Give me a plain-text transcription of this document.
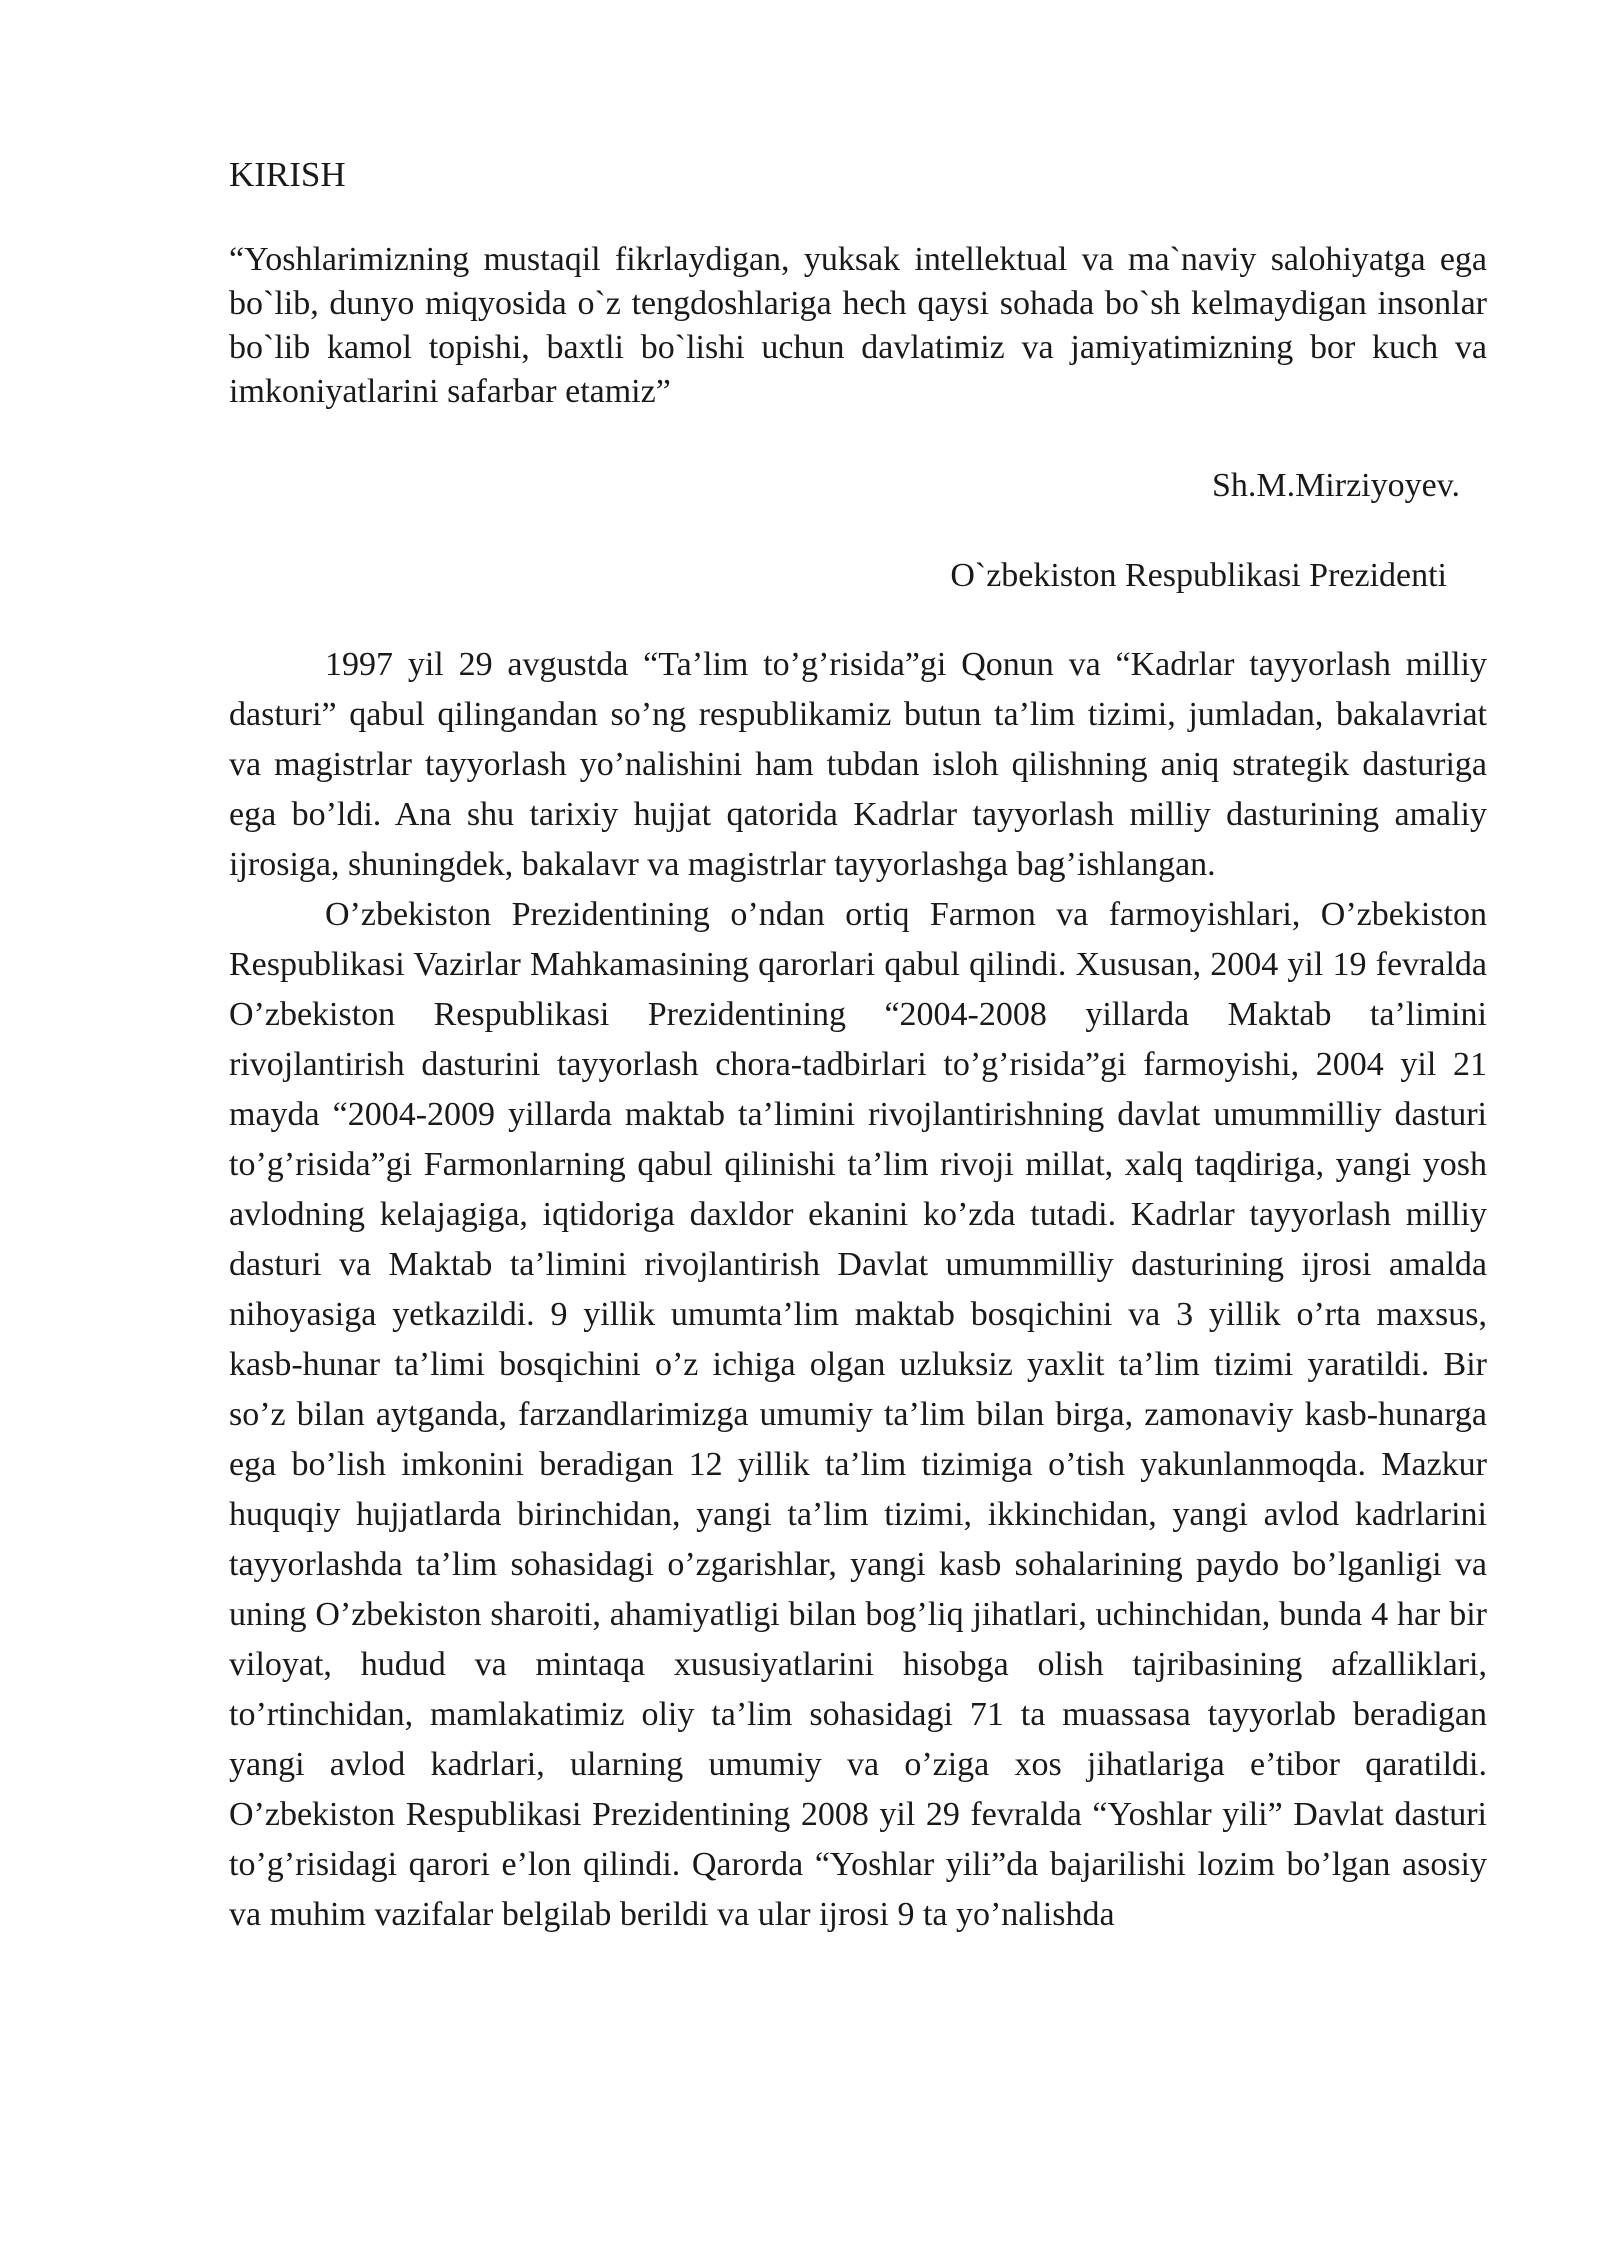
KIRISH

“Yoshlarimizning mustaqil fikrlaydigan, yuksak intellektual va ma`naviy salohiyatga ega bo`lib, dunyo miqyosida o`z tengdoshlariga hech qaysi sohada bo`sh kelmaydigan insonlar bo`lib kamol topishi, baxtli bo`lishi uchun davlatimiz va jamiyatimizning bor kuch va imkoniyatlarini safarbar etamiz”

Sh.M.Mirziyoyev.

O`zbekiston Respublikasi Prezidenti

1997 yil 29 avgustda “Ta’lim to’g’risida”gi Qonun va “Kadrlar tayyorlash milliy dasturi” qabul qilingandan so’ng respublikamiz butun ta’lim tizimi, jumladan, bakalavriat va magistrlar tayyorlash yo’nalishini ham tubdan isloh qilishning aniq strategik dasturiga ega bo’ldi. Ana shu tarixiy hujjat qatorida Kadrlar tayyorlash milliy dasturining amaliy ijrosiga, shuningdek, bakalavr va magistrlar tayyorlashga bag’ishlangan.

O’zbekiston Prezidentining o’ndan ortiq Farmon va farmoyishlari, O’zbekiston Respublikasi Vazirlar Mahkamasining qarorlari qabul qilindi. Xususan, 2004 yil 19 fevralda O’zbekiston Respublikasi Prezidentining “2004-2008 yillarda Maktab ta’limini rivojlantirish dasturini tayyorlash chora-tadbirlari to’g’risida”gi farmoyishi, 2004 yil 21 mayda “2004-2009 yillarda maktab ta’limini rivojlantirishning davlat umummilliy dasturi to’g’risida”gi Farmonlarning qabul qilinishi ta’lim rivoji millat, xalq taqdiriga, yangi yosh avlodning kelajagiga, iqtidoriga daxldor ekanini ko’zda tutadi. Kadrlar tayyorlash milliy dasturi va Maktab ta’limini rivojlantirish Davlat umummilliy dasturining ijrosi amalda nihoyasiga yetkazildi. 9 yillik umumta’lim maktab bosqichini va 3 yillik o’rta maxsus, kasb-hunar ta’limi bosqichini o’z ichiga olgan uzluksiz yaxlit ta’lim tizimi yaratildi. Bir so’z bilan aytganda, farzandlarimizga umumiy ta’lim bilan birga, zamonaviy kasb-hunarga ega bo’lish imkonini beradigan 12 yillik ta’lim tizimiga o’tish yakunlanmoqda. Mazkur huquqiy hujjatlarda birinchidan, yangi ta’lim tizimi, ikkinchidan, yangi avlod kadrlarini tayyorlashda ta’lim sohasidagi o’zgarishlar, yangi kasb sohalarining paydo bo’lganligi va uning O’zbekiston sharoiti, ahamiyatligi bilan bog’liq jihatlari, uchinchidan, bunda 4 har bir viloyat, hudud va mintaqa xususiyatlarini hisobga olish tajribasining afzalliklari, to’rtinchidan, mamlakatimiz oliy ta’lim sohasidagi 71 ta muassasa tayyorlab beradigan yangi avlod kadrlari, ularning umumiy va o’ziga xos jihatlariga e’tibor qaratildi. O’zbekiston Respublikasi Prezidentining 2008 yil 29 fevralda “Yoshlar yili” Davlat dasturi to’g’risidagi qarori e’lon qilindi. Qarorda “Yoshlar yili”da bajarilishi lozim bo’lgan asosiy va muhim vazifalar belgilab berildi va ular ijrosi 9 ta yo’nalishda
